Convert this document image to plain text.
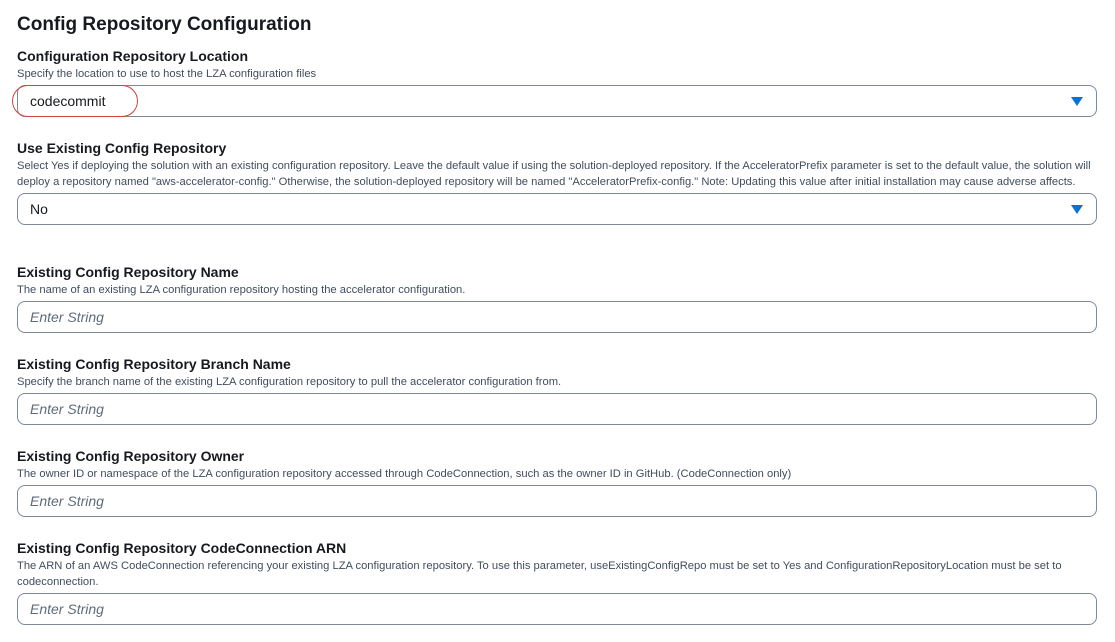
Config Repository Configuration
Configuration Repository Location
Specify the location to use to host the LZA configuration files
codecommit
Use Existing Config Repository
Select Yes if deploying the solution with an existing configuration repository. Leave the default value if using the solution-deployed repository. If the AcceleratorPrefix parameter is set to the default value, the solution will deploy a repository named "aws-accelerator-config." Otherwise, the solution-deployed repository will be named "AcceleratorPrefix-config." Note: Updating this value after initial installation may cause adverse affects.
No
Existing Config Repository Name
The name of an existing LZA configuration repository hosting the accelerator configuration.
Enter String
Existing Config Repository Branch Name
Specify the branch name of the existing LZA configuration repository to pull the accelerator configuration from.
Enter String
Existing Config Repository Owner
The owner ID or namespace of the LZA configuration repository accessed through CodeConnection, such as the owner ID in GitHub. (CodeConnection only)
Enter String
Existing Config Repository CodeConnection ARN
The ARN of an AWS CodeConnection referencing your existing LZA configuration repository. To use this parameter, useExistingConfigRepo must be set to Yes and ConfigurationRepositoryLocation must be set to codeconnection.
Enter String
